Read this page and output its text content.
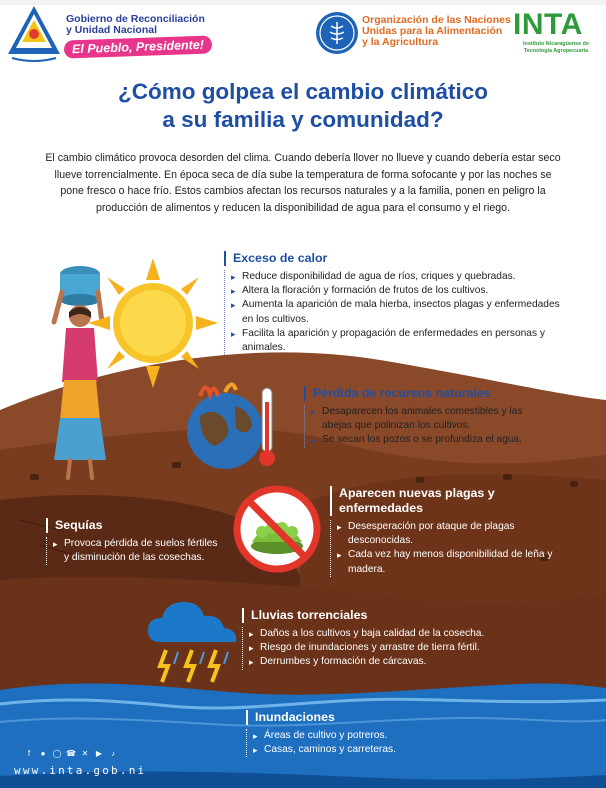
Gobierno de Reconciliación
y Unidad Nacional
El Pueblo, Presidente!
Organización de las Naciones
Unidas para la Alimentación
y la Agricultura
INTA
Instituto Nicaragüense de
Tecnología Agropecuaria
¿Cómo golpea el cambio climático
a su familia y comunidad?

El cambio climático provoca desorden del clima. Cuando debería llover no llueve y cuando debería estar seco llueve torrencialmente. En época seca de día sube la temperatura de forma sofocante y por las noches se pone fresco o hace frío. Estos cambios afectan los recursos naturales y a la familia, ponen en peligro la producción de alimentos y reducen la disponibilidad de agua para el consumo y el riego.

Exceso de calor
▸ Reduce disponibilidad de agua de ríos, criques y quebradas.
▸ Altera la floración y formación de frutos de los cultivos.
▸ Aumenta la aparición de mala hierba, insectos plagas y enfermedades en los cultivos.
▸ Facilita la aparición y propagación de enfermedades en personas y animales.
Pérdida de recursos naturales
▸ Desaparecen los animales comestibles y las abejas que polinizan los cultivos.
▸ Se secan los pozos o se profundiza el agua.
Aparecen nuevas plagas y enfermedades
▸ Desesperación por ataque de plagas desconocidas.
▸ Cada vez hay menos disponibilidad de leña y madera.
Sequías
▸ Provoca pérdida de suelos fértiles y disminución de las cosechas.
Lluvias torrenciales
▸ Daños a los cultivos y baja calidad de la cosecha.
▸ Riesgo de inundaciones y arrastre de tierra fértil.
▸ Derrumbes y formación de cárcavas.
Inundaciones
▸ Áreas de cultivo y potreros.
▸ Casas, caminos y carreteras.
f	● ◯ ☎ ✕ ▶	♪
www.inta.gob.ni
